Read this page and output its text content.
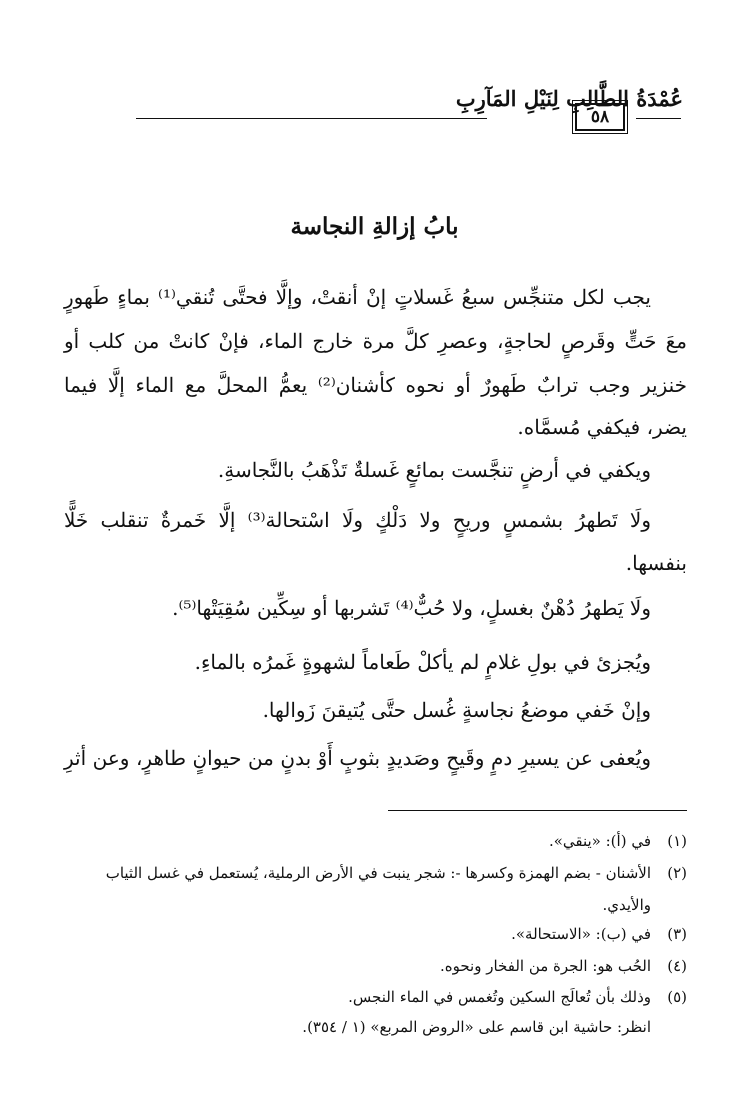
عُمْدَةُ الطَّالِبِ لِنَيْلِ المَآرِبِ
٥٨
بابُ إزالةِ النجاسة
يجب لكل متنجِّس سبعُ غَسلاتٍ إنْ أنقتْ، وإلَّا فحتَّى تُنقي⁽¹⁾ بماءٍ طَهورٍ
معَ حَتٍّ وقَرصٍ لحاجةٍ، وعصرِ كلَّ مرة خارج الماء، فإنْ كانتْ من كلب أو
خنزير وجب ترابٌ طَهورٌ أو نحوه كأشنان⁽²⁾ يعمُّ المحلَّ مع الماء إلَّا فيما
يضر، فيكفي مُسمَّاه.
ويكفي في أرضٍ تنجَّست بمائعٍ غَسلةٌ تَذْهَبُ بالنَّجاسةِ.
ولَا تَطهرُ بشمسٍ وريحٍ ولا دَلْكٍ ولَا اسْتحالة⁽³⁾ إلَّا خَمرةٌ تنقلب خَلًّا
بنفسها.
ولَا يَطهرُ دُهْنٌ بغسلٍ، ولا حُبٌّ⁽⁴⁾ تَشربها أو سِكِّين سُقِيَتْها⁽⁵⁾.
ويُجزئ في بولِ غلامٍ لم يأكلْ طَعاماً لشهوةٍ غَمرُه بالماءِ.
وإنْ خَفي موضعُ نجاسةٍ غُسل حتَّى يُتيقنَ زَوالها.
ويُعفى عن يسيرِ دمٍ وقَيحٍ وصَديدٍ بثوبٍ أَوْ بدنٍ من حيوانٍ طاهرٍ، وعن أثرِ
(١)في (أ): «ينقي».
(٢)الأشنان - بضم الهمزة وكسرها -: شجر ينبت في الأرض الرملية، يُستعمل في غسل الثياب
والأيدي.
(٣)في (ب): «الاستحالة».
(٤)الحُب هو: الجرة من الفخار ونحوه.
(٥)وذلك بأن تُعالَج السكين وتُغمس في الماء النجس.
انظر: حاشية ابن قاسم على «الروض المربع» (١ / ٣٥٤).
